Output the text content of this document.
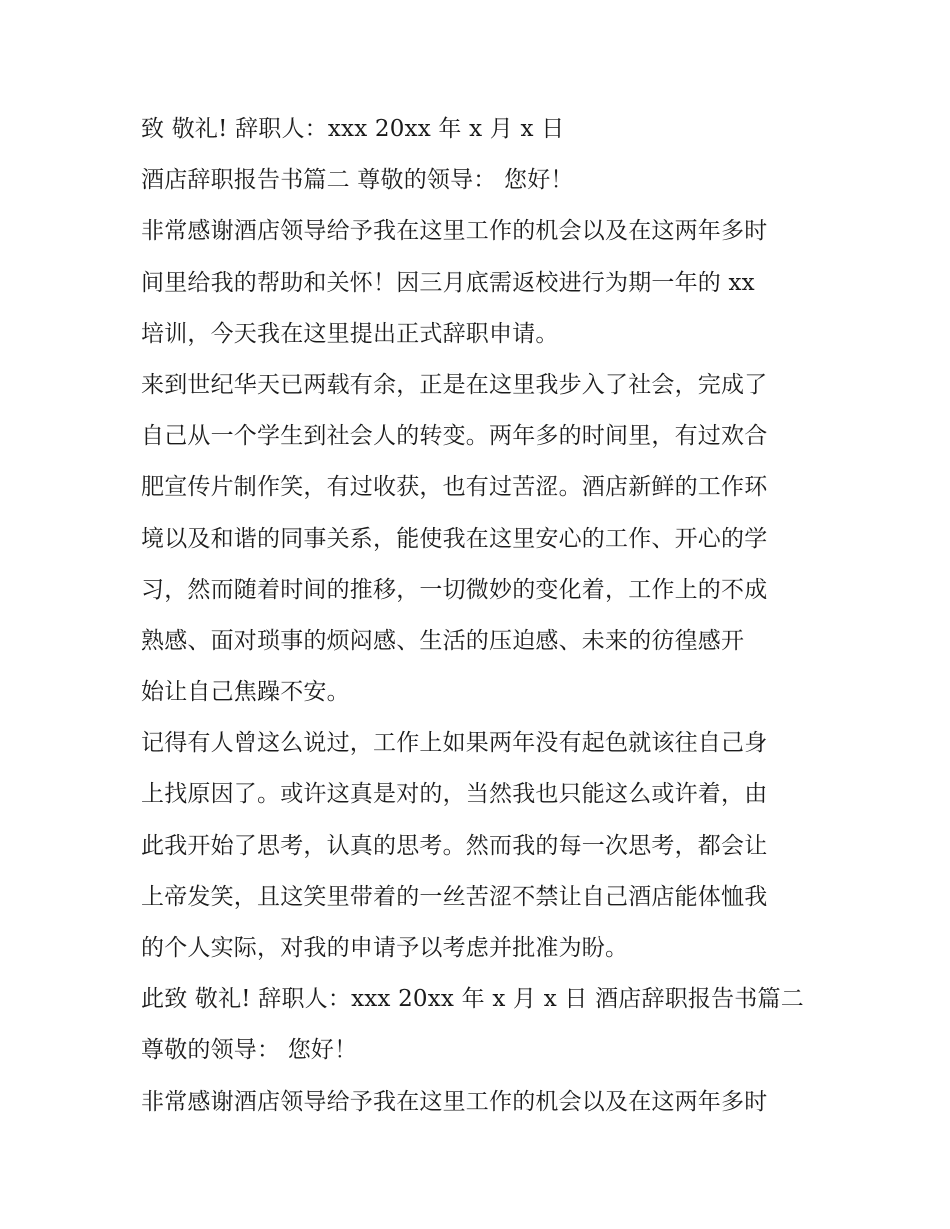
致 敬礼! 辞职人：xxx 20xx 年 x 月 x 日
酒店辞职报告书篇二 尊敬的领导： 您好！
非常感谢酒店领导给予我在这里工作的机会以及在这两年多时
间里给我的帮助和关怀！因三月底需返校进行为期一年的 xx
培训，今天我在这里提出正式辞职申请。
来到世纪华天已两载有余，正是在这里我步入了社会，完成了
自己从一个学生到社会人的转变。两年多的时间里，有过欢合
肥宣传片制作笑，有过收获，也有过苦涩。酒店新鲜的工作环
境以及和谐的同事关系，能使我在这里安心的工作、开心的学
习，然而随着时间的推移，一切微妙的变化着，工作上的不成
熟感、面对琐事的烦闷感、生活的压迫感、未来的彷徨感开
始让自己焦躁不安。
记得有人曾这么说过，工作上如果两年没有起色就该往自己身
上找原因了。或许这真是对的，当然我也只能这么或许着，由
此我开始了思考，认真的思考。然而我的每一次思考，都会让
上帝发笑，且这笑里带着的一丝苦涩不禁让自己酒店能体恤我
的个人实际，对我的申请予以考虑并批准为盼。
此致 敬礼! 辞职人：xxx 20xx 年 x 月 x 日 酒店辞职报告书篇二
尊敬的领导： 您好！
非常感谢酒店领导给予我在这里工作的机会以及在这两年多时
